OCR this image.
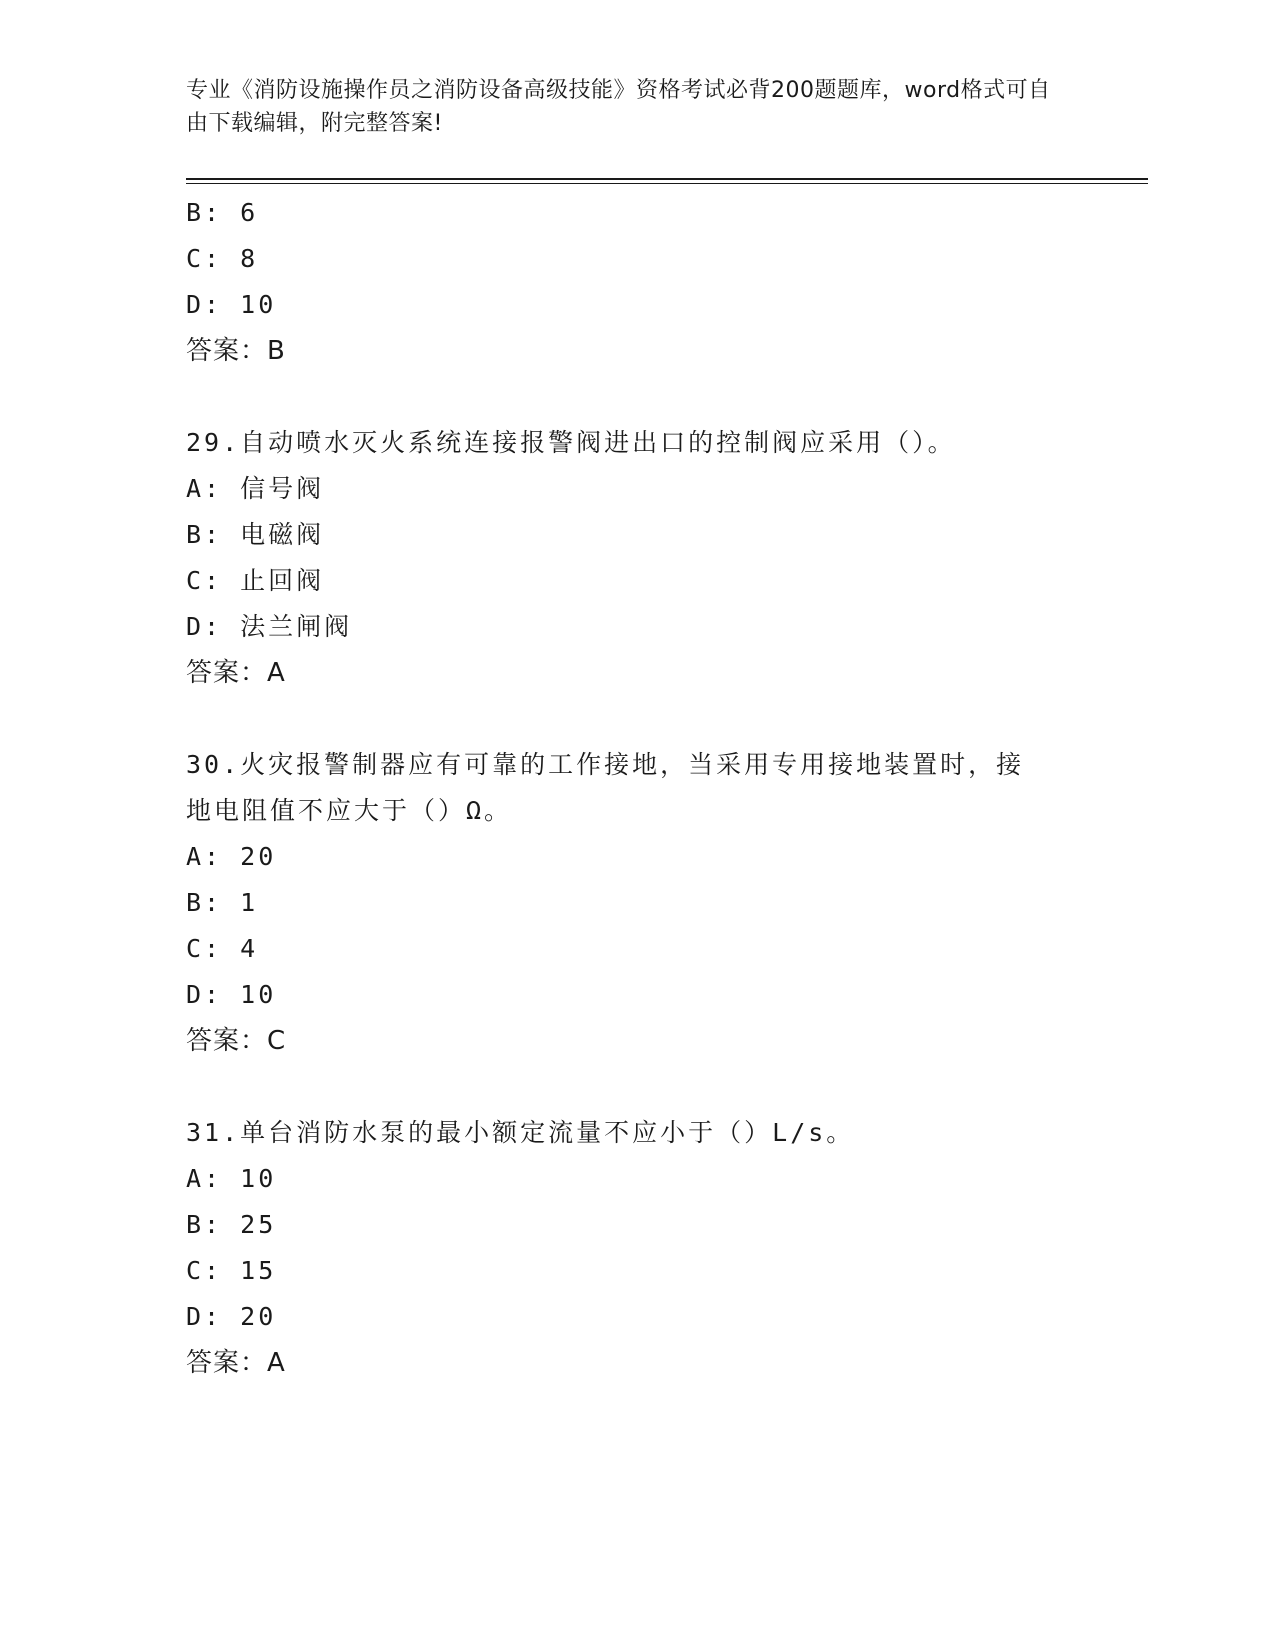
专业《消防设施操作员之消防设备高级技能》资格考试必背200题题库，word格式可自由下载编辑，附完整答案!
B: 6
C: 8
D: 10
答案：B
29.自动喷水灭火系统连接报警阀进出口的控制阀应采用（）。
A: 信号阀
B: 电磁阀
C: 止回阀
D: 法兰闸阀
答案：A
30.火灾报警制器应有可靠的工作接地，当采用专用接地装置时，接地电阻值不应大于（）Ω。
A: 20
B: 1
C: 4
D: 10
答案：C
31.单台消防水泵的最小额定流量不应小于（）L/s。
A: 10
B: 25
C: 15
D: 20
答案：A
